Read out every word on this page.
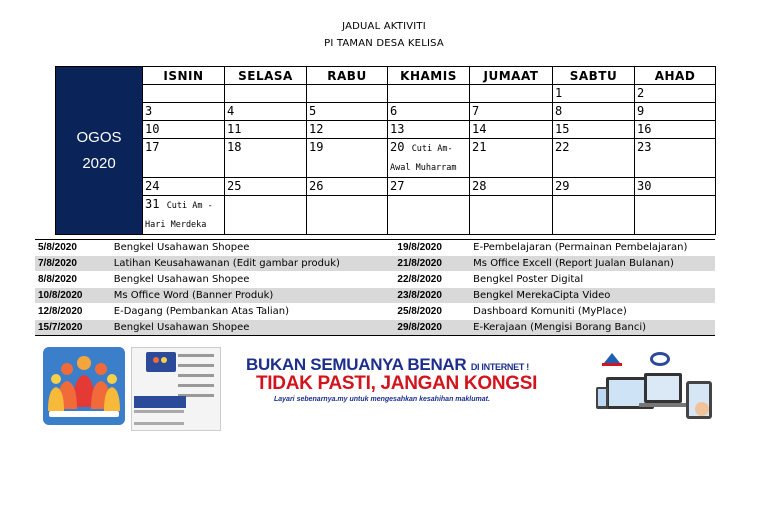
JADUAL AKTIVITI
PI TAMAN DESA KELISA
OGOS
2020	ISNIN	SELASA	RABU	KHAMIS	JUMAAT	SABTU	AHAD
						1	2
	3	4	5	6	7	8	9
	10	11	12	13	14	15	16
	17	18	19	20 Cuti Am-
Awal Muharram	21	22	23
	24	25	26	27	28	29	30
	31 Cuti Am -
Hari Merdeka						
5/8/2020	Bengkel Usahawan Shopee	19/8/2020	E-Pembelajaran (Permainan Pembelajaran)
7/8/2020	Latihan Keusahawanan (Edit gambar produk)	21/8/2020	Ms Office Excell (Report Jualan Bulanan)
8/8/2020	Bengkel Usahawan Shopee	22/8/2020	Bengkel Poster Digital
10/8/2020	Ms Office Word (Banner Produk)	23/8/2020	Bengkel MerekaCipta Video
12/8/2020	E-Dagang (Pembankan Atas Talian)	25/8/2020	Dashboard Komuniti (MyPlace)
15/7/2020	Bengkel Usahawan Shopee	29/8/2020	E-Kerajaan (Mengisi Borang Banci)
BUKAN SEMUANYA BENAR DI INTERNET !
TIDAK PASTI, JANGAN KONGSI
Layari sebenarnya.my untuk mengesahkan kesahihan maklumat.
